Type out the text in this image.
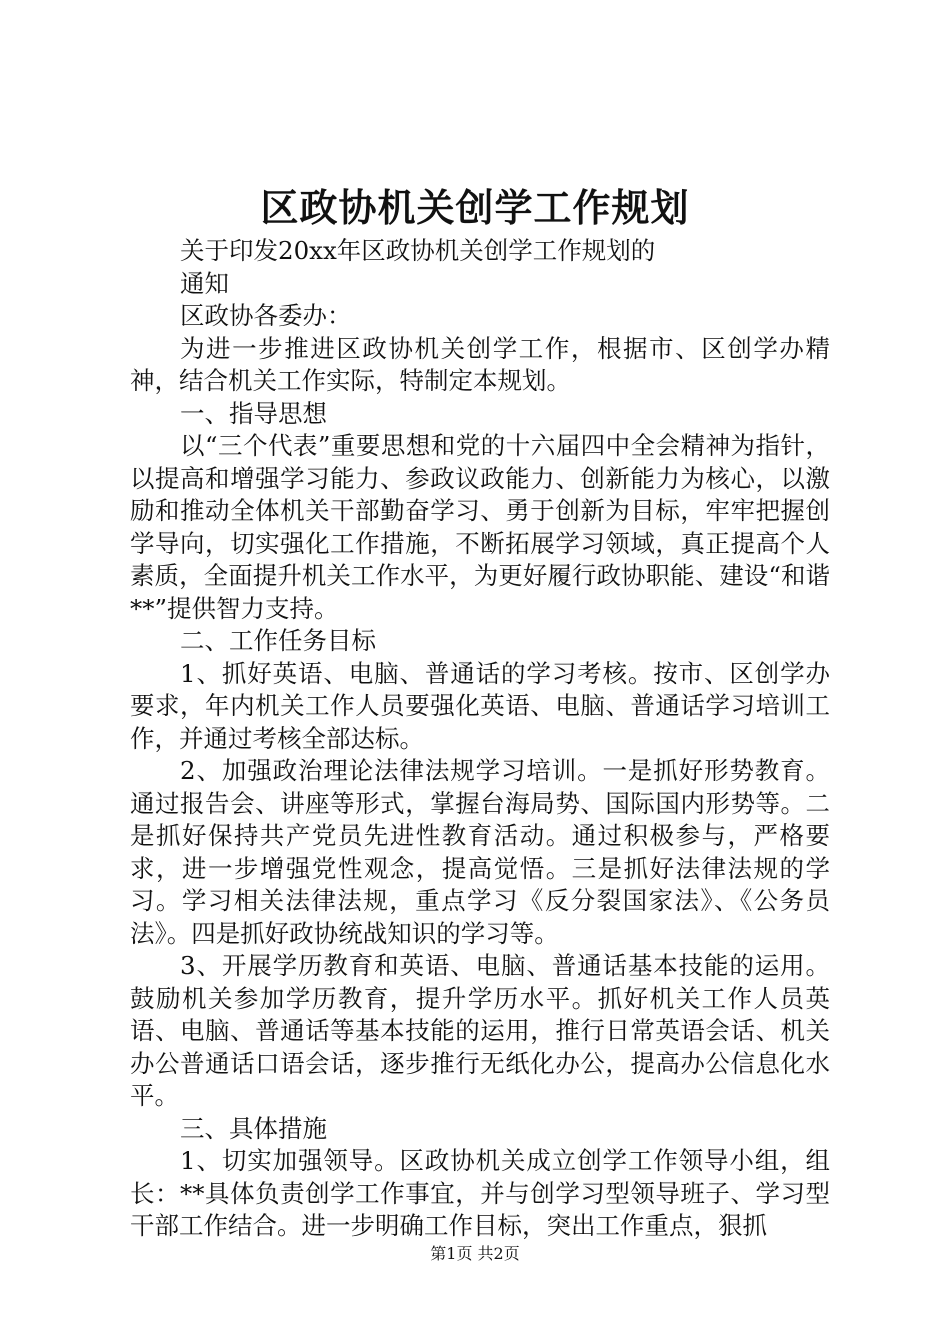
区政协机关创学工作规划

关于印发20xx年区政协机关创学工作规划的

通知

区政协各委办：

为进一步推进区政协机关创学工作，根据市、区创学办精神，结合机关工作实际，特制定本规划。

一、指导思想

以“三个代表”重要思想和党的十六届四中全会精神为指针，以提高和增强学习能力、参政议政能力、创新能力为核心，以激励和推动全体机关干部勤奋学习、勇于创新为目标，牢牢把握创学导向，切实强化工作措施，不断拓展学习领域，真正提高个人素质，全面提升机关工作水平，为更好履行政协职能、建设“和谐**”提供智力支持。

二、工作任务目标

1、抓好英语、电脑、普通话的学习考核。按市、区创学办要求，年内机关工作人员要强化英语、电脑、普通话学习培训工作，并通过考核全部达标。

2、加强政治理论法律法规学习培训。一是抓好形势教育。通过报告会、讲座等形式，掌握台海局势、国际国内形势等。二是抓好保持共产党员先进性教育活动。通过积极参与，严格要求，进一步增强党性观念，提高觉悟。三是抓好法律法规的学习。学习相关法律法规，重点学习《反分裂国家法》、《公务员法》。四是抓好政协统战知识的学习等。

3、开展学历教育和英语、电脑、普通话基本技能的运用。鼓励机关参加学历教育，提升学历水平。抓好机关工作人员英语、电脑、普通话等基本技能的运用，推行日常英语会话、机关办公普通话口语会话，逐步推行无纸化办公，提高办公信息化水平。

三、具体措施

1、切实加强领导。区政协机关成立创学工作领导小组，组长：**具体负责创学工作事宜，并与创学习型领导班子、学习型干部工作结合。进一步明确工作目标，突出工作重点，狠抓

第1页 共2页
